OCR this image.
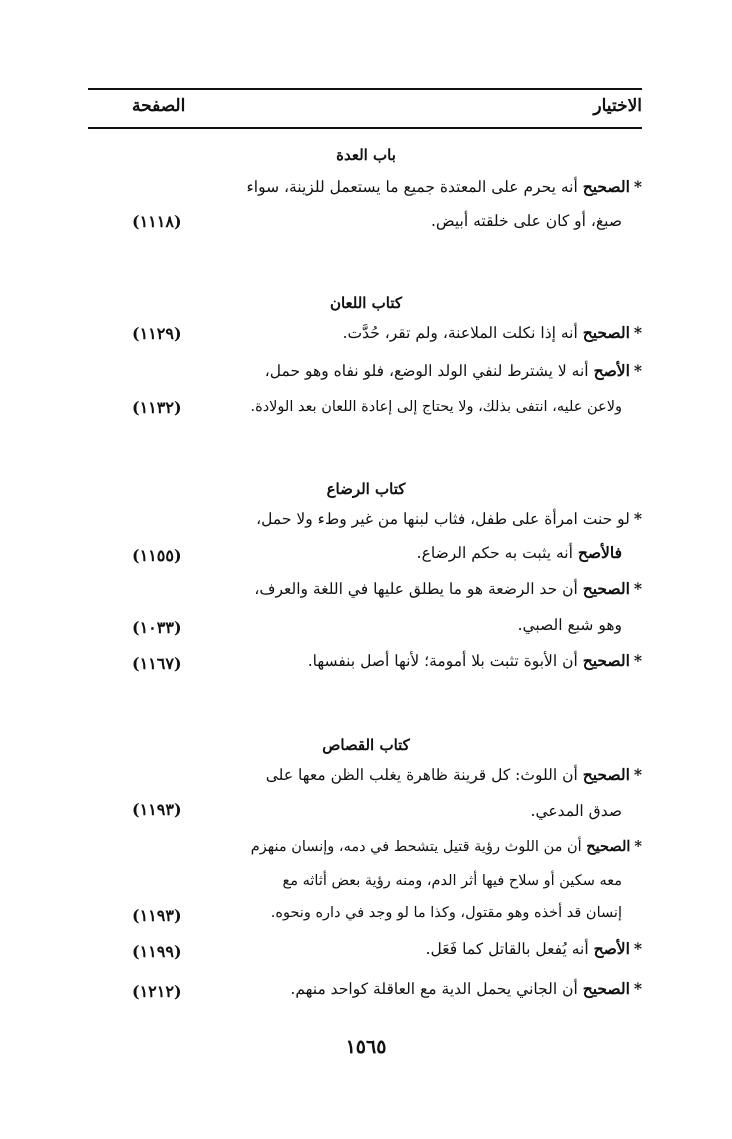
الاختيار
الصفحة
باب العدة
*الصحيح أنه يحرم على المعتدة جميع ما يستعمل للزينة، سواء
صبغ، أو كان على خلقته أبيض.
(١١١٨)
كتاب اللعان
*الصحيح أنه إذا نكلت الملاعنة، ولم تقر، حُدَّت.
(١١٢٩)
*الأصح أنه لا يشترط لنفي الولد الوضع، فلو نفاه وهو حمل،
ولاعن عليه، انتفى بذلك، ولا يحتاج إلى إعادة اللعان بعد الولادة.
(١١٣٢)
كتاب الرضاع
*لو حنت امرأة على طفل، فثاب لبنها من غير وطء ولا حمل،
فالأصح أنه يثبت به حكم الرضاع.
(١١٥٥)
*الصحيح أن حد الرضعة هو ما يطلق عليها في اللغة والعرف،
وهو شبع الصبي.
(١٠٣٣)
*الصحيح أن الأبوة تثبت بلا أمومة؛ لأنها أصل بنفسها.
(١١٦٧)
كتاب القصاص
*الصحيح أن اللوث: كل قرينة ظاهرة يغلب الظن معها على
صدق المدعي.
(١١٩٣)
*الصحيح أن من اللوث رؤية قتيل يتشحط في دمه، وإنسان منهزم
معه سكين أو سلاح فيها أثر الدم، ومنه رؤية بعض أثاثه مع
إنسان قد أخذه وهو مقتول، وكذا ما لو وجد في داره ونحوه.
(١١٩٣)
*الأصح أنه يُفعل بالقاتل كما فَعَل.
(١١٩٩)
*الصحيح أن الجاني يحمل الدية مع العاقلة كواحد منهم.
(١٢١٢)
١٥٦٥
